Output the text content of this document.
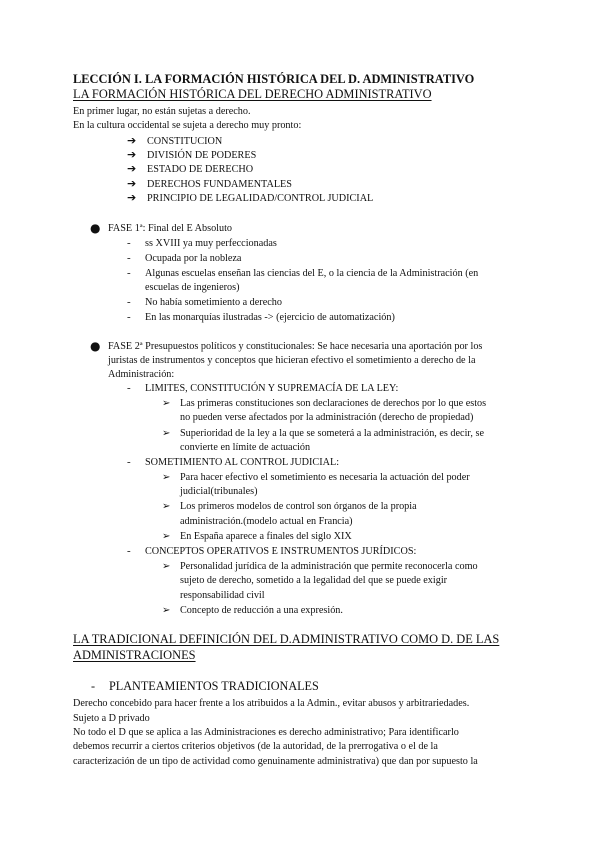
LECCIÓN I. LA FORMACIÓN HISTÓRICA DEL D. ADMINISTRATIVO
LA FORMACIÓN HISTÓRICA DEL DERECHO ADMINISTRATIVO
En primer lugar, no están sujetas a derecho.
En la cultura occidental se sujeta a derecho muy pronto:
➔ CONSTITUCION
➔ DIVISIÓN DE PODERES
➔ ESTADO DE DERECHO
➔ DERECHOS FUNDAMENTALES
➔ PRINCIPIO DE LEGALIDAD/CONTROL JUDICIAL
● FASE 1ª: Final del E Absoluto
- ss XVIII ya muy perfeccionadas
- Ocupada por la nobleza
- Algunas escuelas enseñan las ciencias del E, o la ciencia de la Administración (en
escuelas de ingenieros)
- No había sometimiento a derecho
- En las monarquías ilustradas -> (ejercicio de automatización)
● FASE 2ª Presupuestos políticos y constitucionales: Se hace necesaria una aportación por los
juristas de instrumentos y conceptos que hicieran efectivo el sometimiento a derecho de la
Administración:
- LIMITES, CONSTITUCIÓN Y SUPREMACÍA DE LA LEY:
➢ Las primeras constituciones son declaraciones de derechos por lo que estos
no pueden verse afectados por la administración (derecho de propiedad)
➢ Superioridad de la ley a la que se someterá a la administración, es decir, se
convierte en límite de actuación
- SOMETIMIENTO AL CONTROL JUDICIAL:
➢ Para hacer efectivo el sometimiento es necesaria la actuación del poder
judicial(tribunales)
➢ Los primeros modelos de control son órganos de la propia
administración.(modelo actual en Francia)
➢ En España aparece a finales del siglo XIX
- CONCEPTOS OPERATIVOS E INSTRUMENTOS JURÍDICOS:
➢ Personalidad jurídica de la administración que permite reconocerla como
sujeto de derecho, sometido a la legalidad del que se puede exigir
responsabilidad civil
➢ Concepto de reducción a una expresión.
LA TRADICIONAL DEFINICIÓN DEL D.ADMINISTRATIVO COMO D. DE LAS
ADMINISTRACIONES
- PLANTEAMIENTOS TRADICIONALES
Derecho concebido para hacer frente a los atribuidos a la Admin., evitar abusos y arbitrariedades.
Sujeto a D privado
No todo el D que se aplica a las Administraciones es derecho administrativo; Para identificarlo
debemos recurrir a ciertos criterios objetivos (de la autoridad, de la prerrogativa o el de la
caracterización de un tipo de actividad como genuinamente administrativa) que dan por supuesto la
